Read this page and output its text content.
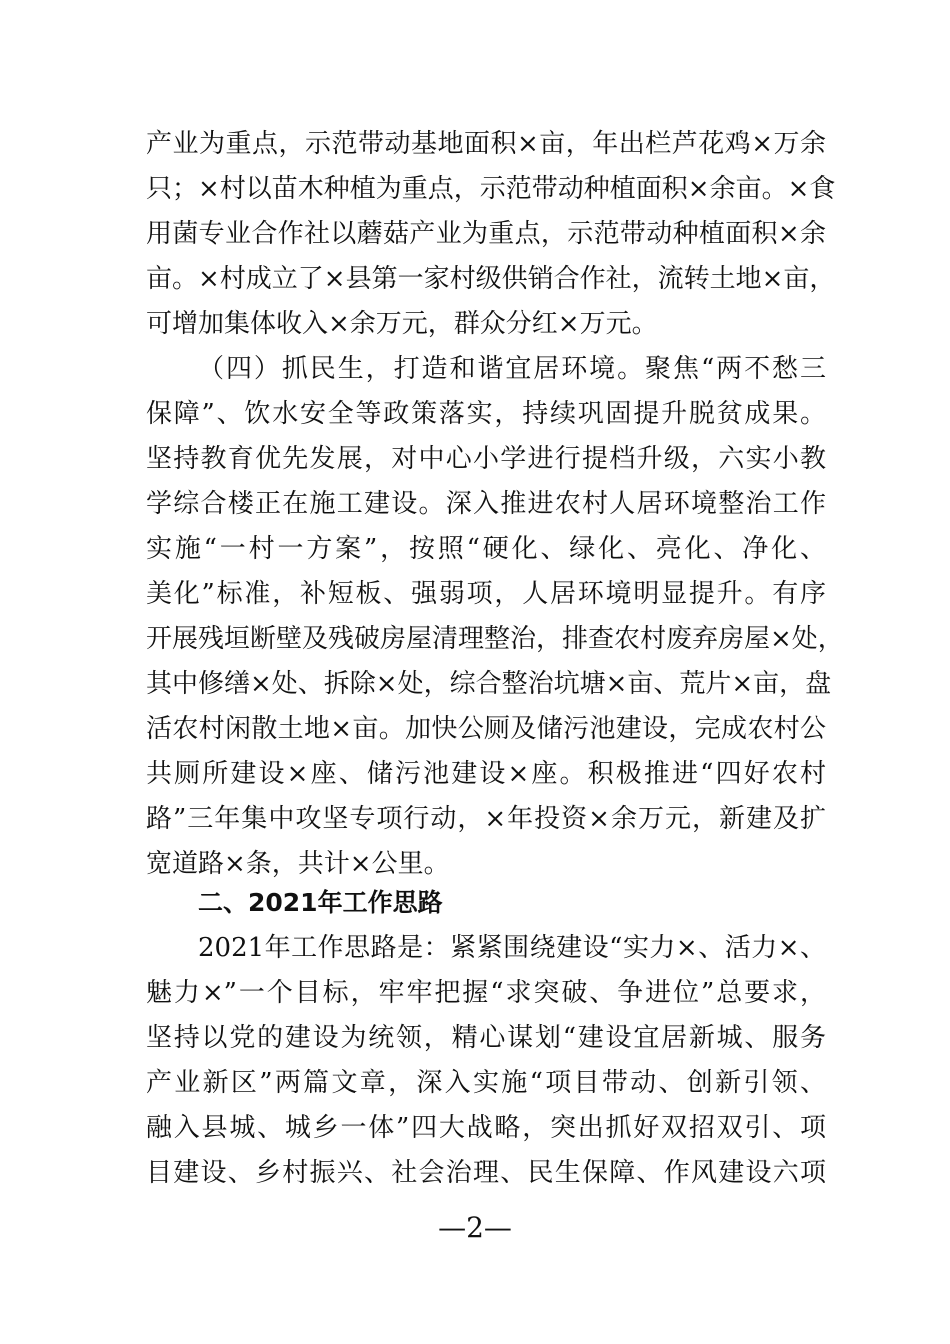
产业为重点，示范带动基地面积×亩，年出栏芦花鸡×万余
只；×村以苗木种植为重点，示范带动种植面积×余亩。×食
用菌专业合作社以蘑菇产业为重点，示范带动种植面积×余
亩。×村成立了×县第一家村级供销合作社，流转土地×亩，
可增加集体收入×余万元，群众分红×万元。
（四）抓民生，打造和谐宜居环境。聚焦“两不愁三
保障”、饮水安全等政策落实，持续巩固提升脱贫成果。
坚持教育优先发展，对中心小学进行提档升级，六实小教
学综合楼正在施工建设。深入推进农村人居环境整治工作
实施“一村一方案”，按照“硬化、绿化、亮化、净化、
美化”标准，补短板、强弱项，人居环境明显提升。有序
开展残垣断壁及残破房屋清理整治，排查农村废弃房屋×处，
其中修缮×处、拆除×处，综合整治坑塘×亩、荒片×亩，盘
活农村闲散土地×亩。加快公厕及储污池建设，完成农村公
共厕所建设×座、储污池建设×座。积极推进“四好农村
路”三年集中攻坚专项行动，×年投资×余万元，新建及扩
宽道路×条，共计×公里。
二、2021年工作思路
2021年工作思路是：紧紧围绕建设“实力×、活力×、
魅力×”一个目标，牢牢把握“求突破、争进位”总要求，
坚持以党的建设为统领，精心谋划“建设宜居新城、服务
产业新区”两篇文章，深入实施“项目带动、创新引领、
融入县城、城乡一体”四大战略，突出抓好双招双引、项
目建设、乡村振兴、社会治理、民生保障、作风建设六项
—2—
